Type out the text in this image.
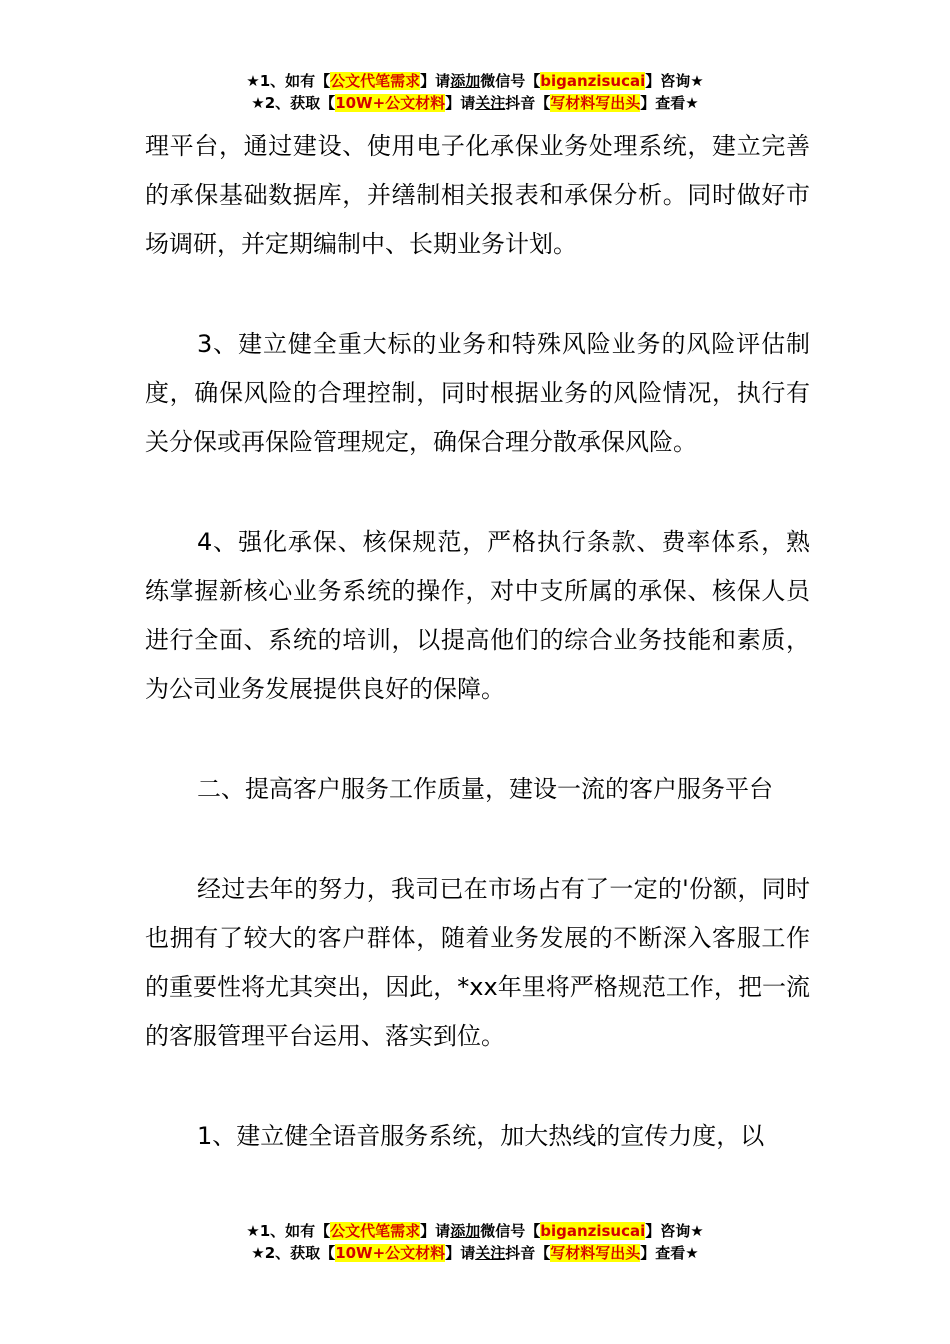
★1、如有【公文代笔需求】请添加微信号【biganzisucai】咨询★
★2、获取【10W+公文材料】请关注抖音【写材料写出头】查看★

理平台，通过建设、使用电子化承保业务处理系统，建立完善的承保基础数据库，并缮制相关报表和承保分析。同时做好市场调研，并定期编制中、长期业务计划。

3、建立健全重大标的业务和特殊风险业务的风险评估制度，确保风险的合理控制，同时根据业务的风险情况，执行有关分保或再保险管理规定，确保合理分散承保风险。

4、强化承保、核保规范，严格执行条款、费率体系，熟练掌握新核心业务系统的操作，对中支所属的承保、核保人员进行全面、系统的培训，以提高他们的综合业务技能和素质，为公司业务发展提供良好的保障。

二、提高客户服务工作质量，建设一流的客户服务平台

经过去年的努力，我司已在市场占有了一定的'份额，同时也拥有了较大的客户群体，随着业务发展的不断深入客服工作的重要性将尤其突出，因此，*xx年里将严格规范工作，把一流的客服管理平台运用、落实到位。

1、建立健全语音服务系统，加大热线的宣传力度，以

★1、如有【公文代笔需求】请添加微信号【biganzisucai】咨询★
★2、获取【10W+公文材料】请关注抖音【写材料写出头】查看★
